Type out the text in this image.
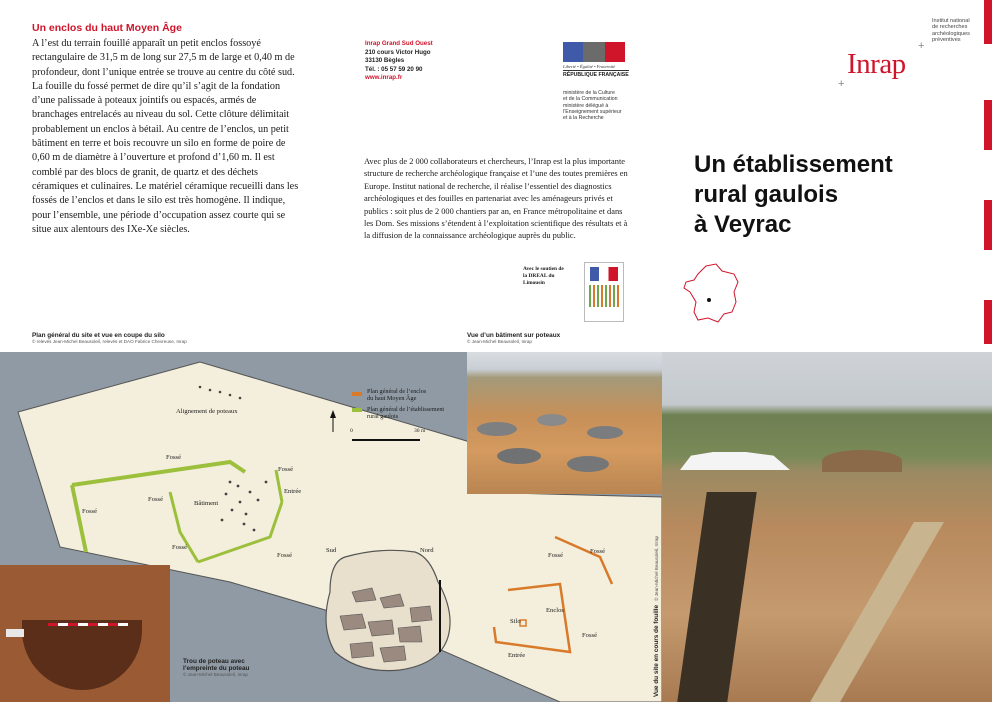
Un enclos du haut Moyen Âge

A l’est du terrain fouillé apparaît un petit enclos fossoyé rectangulaire de 31,5 m de long sur 27,5 m de large et 0,40 m de profondeur, dont l’unique entrée se trouve au centre du côté sud. La fouille du fossé permet de dire qu’il s’agit de la fondation d’une palissade à poteaux jointifs ou espacés, armés de branchages entrelacés au niveau du sol. Cette clôture délimitait probablement un enclos à bétail. Au centre de l’enclos, un petit bâtiment en terre et bois recouvre un silo en forme de poire de 0,60 m de diamètre à l’ouverture et profond d’1,60 m. Il est comblé par des blocs de granit, de quartz et des déchets céramiques et culinaires. Le matériel céramique recueilli dans les fossés de l’enclos et dans le silo est très homogène. Il indique, pour l’ensemble, une période d’occupation assez courte qui se situe aux alentours des IXe-Xe siècles.

Inrap Grand Sud Ouest
210 cours Victor Hugo
33130 Bègles
Tél. : 05 57 59 20 90
www.inrap.fr
Liberté • Égalité • Fraternité
RÉPUBLIQUE FRANÇAISE
ministère de la Culture
et de la Communication
ministère délégué à
l’Enseignement supérieur
et à la Recherche
Institut national
de recherches
archéologiques
préventives
Inrap
+
+
Avec plus de 2 000 collaborateurs et chercheurs, l’Inrap est la plus importante structure de recherche archéologique française et l’une des toutes premières en Europe. Institut national de recherche, il réalise l’essentiel des diagnostics archéologiques et des fouilles en partenariat avec les aménageurs privés et publics : soit plus de 2 000 chantiers par an, en France métropolitaine et dans les Dom. Ses missions s’étendent à l’exploitation scientifique des résultats et à la diffusion de la connaissance archéologique auprès du public.
Un établissement
rural gaulois
à Veyrac
Avec le soutien de
la DREAL du
Limousin
Plan général du site et vue en coupe du silo
© relevés Jean-Michel Beausoleil, relevés et DAO Fabrice Chevreuse, Inrap
Vue d’un bâtiment sur poteaux
© Jean-Michel Beausoleil, Inrap
Alignement de poteaux
Fossé
Fossé
Entrée
Fossé
Fossé
Bâtiment
Fossé
Fossé
Sud	Nord
Fossé
Fossé
Enclos
Silo
Fossé
Entrée
Plan général de l’enclos
du haut Moyen Âge
Plan général de l’établissement
rural gaulois
0	30 m
Trou de poteau avec l’empreinte du poteau
© Jean-Michel Beausoleil, Inrap	Vue du site en cours de fouille © Jean-Michel Beausoleil, Inrap
